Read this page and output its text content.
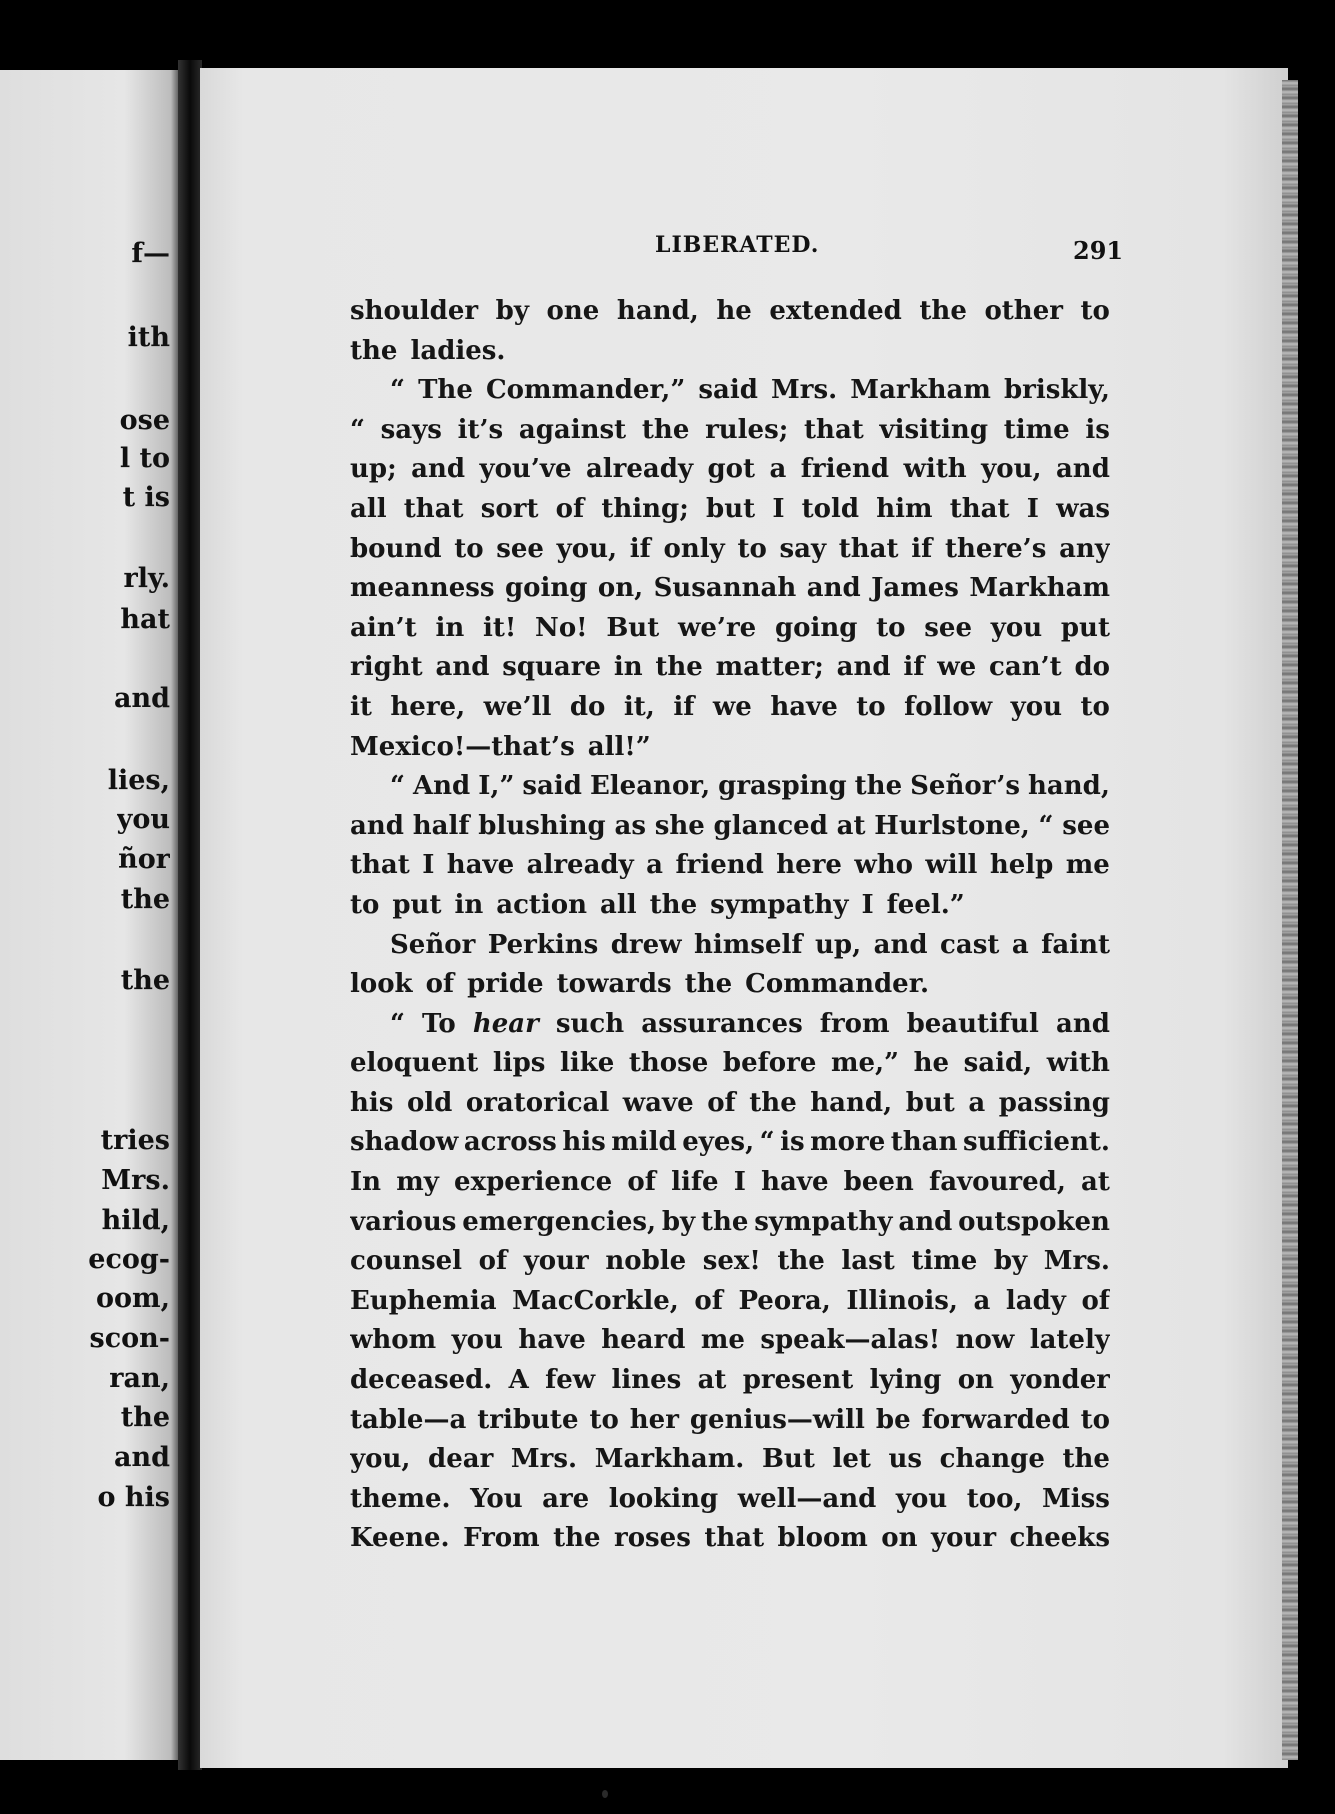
f—
ith
ose
l to
t is
rly.
hat
and
lies,
you
ñor
the
the
tries
Mrs.
hild,
ecog-
oom,
scon-
ran,
the
and
o his
LIBERATED.	291
shoulder by one hand, he extended the other to
the ladies.
“ The Commander,” said Mrs. Markham briskly,
“ says it’s against the rules; that visiting time is
up; and you’ve already got a friend with you, and
all that sort of thing; but I told him that I was
bound to see you, if only to say that if there’s any
meanness going on, Susannah and James Markham
ain’t in it! No! But we’re going to see you put
right and square in the matter; and if we can’t do
it here, we’ll do it, if we have to follow you to
Mexico!—that’s all!”
“ And I,” said Eleanor, grasping the Señor’s hand,
and half blushing as she glanced at Hurlstone, “ see
that I have already a friend here who will help me
to put in action all the sympathy I feel.”
Señor Perkins drew himself up, and cast a faint
look of pride towards the Commander.
“ To hear such assurances from beautiful and
eloquent lips like those before me,” he said, with
his old oratorical wave of the hand, but a passing
shadow across his mild eyes, “ is more than sufficient.
In my experience of life I have been favoured, at
various emergencies, by the sympathy and outspoken
counsel of your noble sex! the last time by Mrs.
Euphemia MacCorkle, of Peora, Illinois, a lady of
whom you have heard me speak—alas! now lately
deceased. A few lines at present lying on yonder
table—a tribute to her genius—will be forwarded to
you, dear Mrs. Markham. But let us change the
theme. You are looking well—and you too, Miss
Keene. From the roses that bloom on your cheeks
